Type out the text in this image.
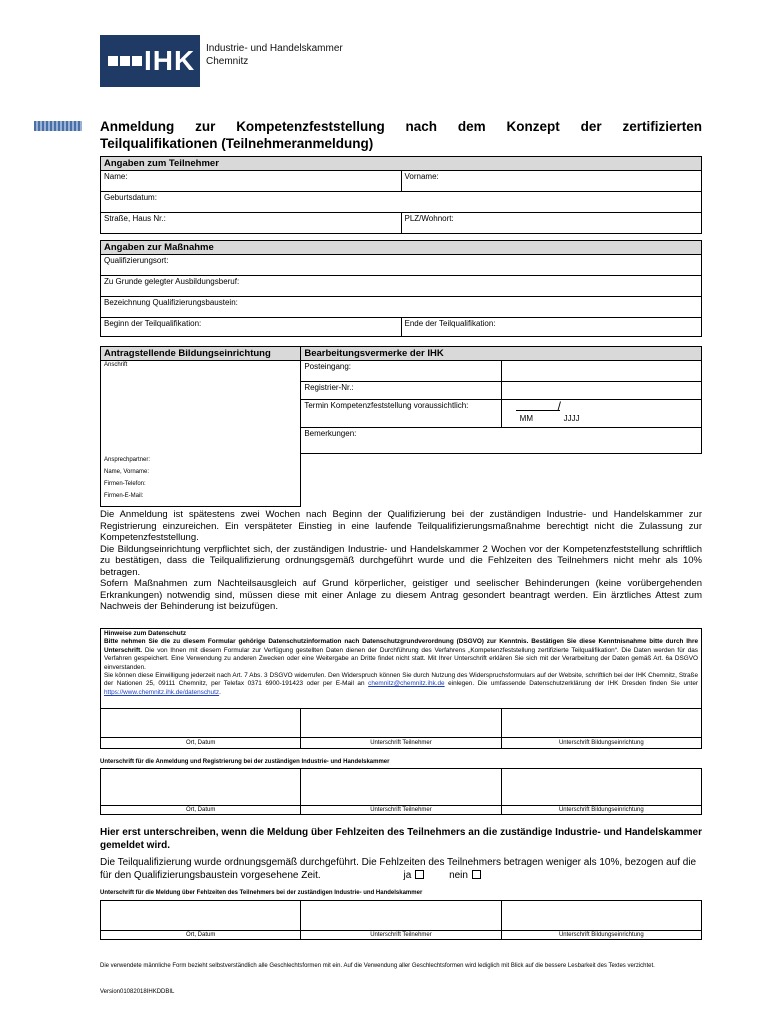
IHK Industrie- und Handelskammer
Chemnitz
Anmeldung zur Kompetenzfeststellung nach dem Konzept der zertifizierten
Teilqualifikationen (Teilnehmeranmeldung)
Angaben zum Teilnehmer	
Name:	Vorname:
Geburtsdatum:	
Straße, Haus Nr.:	PLZ/Wohnort:
Angaben zur Maßnahme
Qualifizierungsort:
Zu Grunde gelegter Ausbildungsberuf:
Bezeichnung Qualifizierungsbaustein:
Beginn der Teilqualifikation:	Ende der Teilqualifikation:
Antragstellende Bildungseinrichtung	Bearbeitungsvermerke der IHK	

Anschrift	Posteingang:	
	Registrier-Nr.:	
	Termin Kompetenzfeststellung voraussichtlich:	/
MM JJJJ

	Bemerkungen:	

Ansprechpartner:
Name, Vorname:
Firmen-Telefon:
Firmen-E-Mail:		

Die Anmeldung ist spätestens zwei Wochen nach Beginn der Qualifizierung bei der zuständigen Industrie- und Handelskammer zur Registrierung einzureichen. Ein verspäteter Einstieg in eine laufende Teilqualifizierungsmaßnahme berechtigt nicht die Zulassung zur Kompetenzfeststellung.
Die Bildungseinrichtung verpflichtet sich, der zuständigen Industrie- und Handelskammer 2 Wochen vor der Kompetenzfeststellung schriftlich zu bestätigen, dass die Teilqualifizierung ordnungsgemäß durchgeführt wurde und die Fehlzeiten des Teilnehmers nicht mehr als 10% betragen.
Sofern Maßnahmen zum Nachteilsausgleich auf Grund körperlicher, geistiger und seelischer Behinderungen (keine vorübergehenden Erkrankungen) notwendig sind, müssen diese mit einer Anlage zu diesem Antrag gesondert beantragt werden. Ein ärztliches Attest zum Nachweis der Behinderung ist beizufügen.
Hinweise zum Datenschutz
Bitte nehmen Sie die zu diesem Formular gehörige Datenschutzinformation nach Datenschutzgrundverordnung (DSGVO) zur Kenntnis. Bestätigen Sie diese Kenntnisnahme bitte durch Ihre Unterschrift. Die von Ihnen mit diesem Formular zur Verfügung gestellten Daten dienen der Durchführung des Verfahrens „Kompetenzfeststellung zertifizierte Teilqualifikation“. Die Daten werden für das Verfahren gespeichert. Eine Verwendung zu anderen Zwecken oder eine Weitergabe an Dritte findet nicht statt. Mit Ihrer Unterschrift erklären Sie sich mit der Verarbeitung der Daten gemäß Art. 6a DSGVO einverstanden.
Sie können diese Einwilligung jederzeit nach Art. 7 Abs. 3 DSGVO widerrufen. Den Widerspruch können Sie durch Nutzung des Widerspruchsformulars auf der Website, schriftlich bei der IHK Chemnitz, Straße der Nationen 25, 09111 Chemnitz, per Telefax 0371 6900-191423 oder per E-Mail an chemnitz@chemnitz.ihk.de einlegen. Die umfassende Datenschutzerklärung der IHK Dresden finden Sie unter https://www.chemnitz.ihk.de/datenschutz.
Ort, Datum	Unterschrift Teilnehmer	Unterschrift Bildungseinrichtung
Unterschrift für die Anmeldung und Registrierung bei der zuständigen Industrie- und Handelskammer
Ort, Datum	Unterschrift Teilnehmer	Unterschrift Bildungseinrichtung
Hier erst unterschreiben, wenn die Meldung über Fehlzeiten des Teilnehmers an die zuständige Industrie- und Handelskammer gemeldet wird.
Die Teilqualifizierung wurde ordnungsgemäß durchgeführt. Die Fehlzeiten des Teilnehmers betragen weniger als 10%, bezogen auf die für den Qualifizierungsbaustein vorgesehene Zeit.	ja	nein
Unterschrift für die Meldung über Fehlzeiten des Teilnehmers bei der zuständigen Industrie- und Handelskammer
Ort, Datum	Unterschrift Teilnehmer	Unterschrift Bildungseinrichtung
Die verwendete männliche Form bezieht selbstverständlich alle Geschlechtsformen mit ein. Auf die Verwendung aller Geschlechtsformen wird lediglich mit Blick auf die bessere Lesbarkeit des Textes verzichtet.
Version01082018IHKDDBIL
